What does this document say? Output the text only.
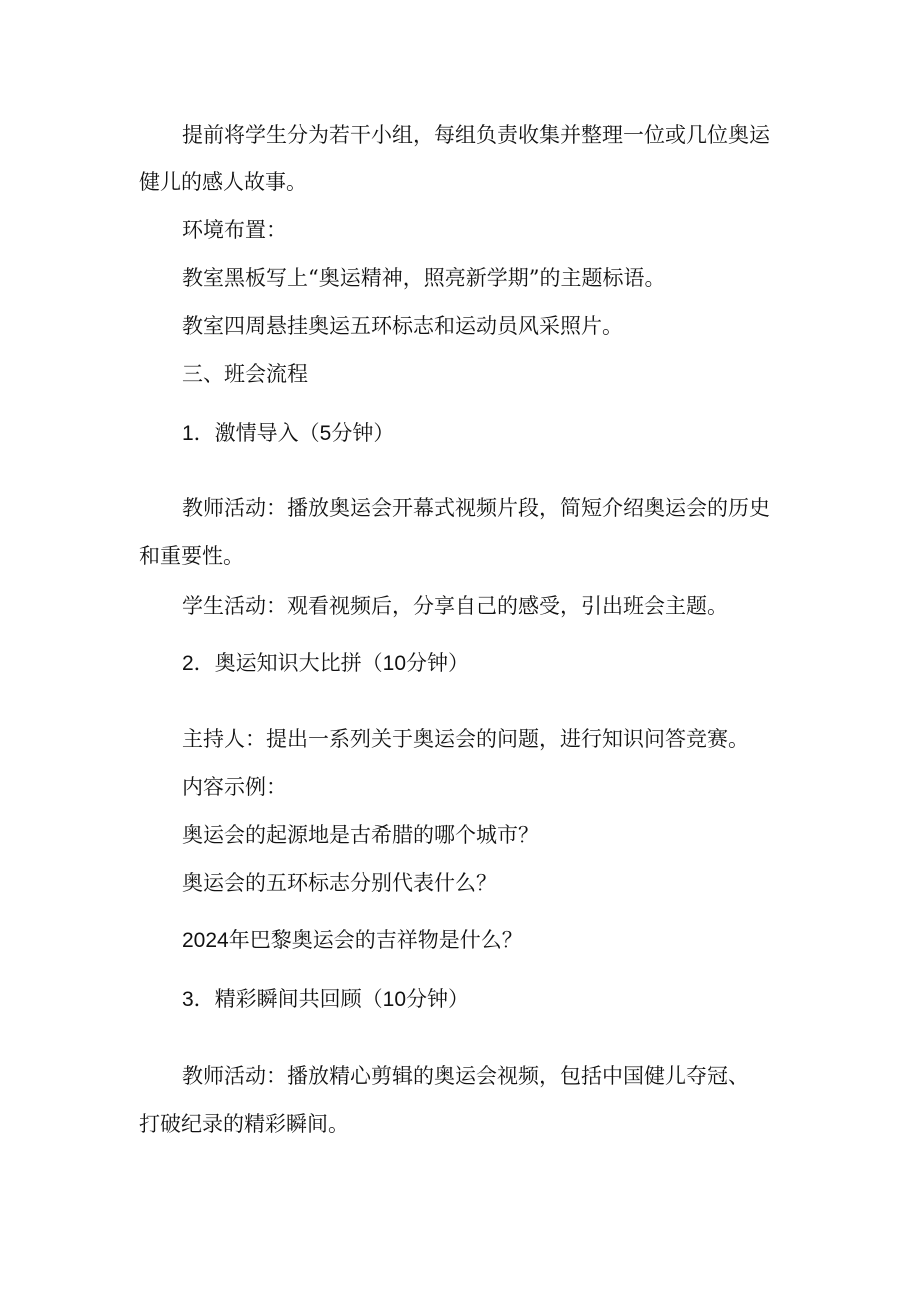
提前将学生分为若干小组，每组负责收集并整理一位或几位奥运
健儿的感人故事。
环境布置：
教室黑板写上“奥运精神，照亮新学期”的主题标语。
教室四周悬挂奥运五环标志和运动员风采照片。
三、班会流程
1．激情导入（5分钟）
教师活动：播放奥运会开幕式视频片段，简短介绍奥运会的历史
和重要性。
学生活动：观看视频后，分享自己的感受，引出班会主题。
2．奥运知识大比拼（10分钟）
主持人：提出一系列关于奥运会的问题，进行知识问答竞赛。
内容示例：
奥运会的起源地是古希腊的哪个城市？
奥运会的五环标志分别代表什么？
2024年巴黎奥运会的吉祥物是什么？
3．精彩瞬间共回顾（10分钟）
教师活动：播放精心剪辑的奥运会视频，包括中国健儿夺冠、
打破纪录的精彩瞬间。
